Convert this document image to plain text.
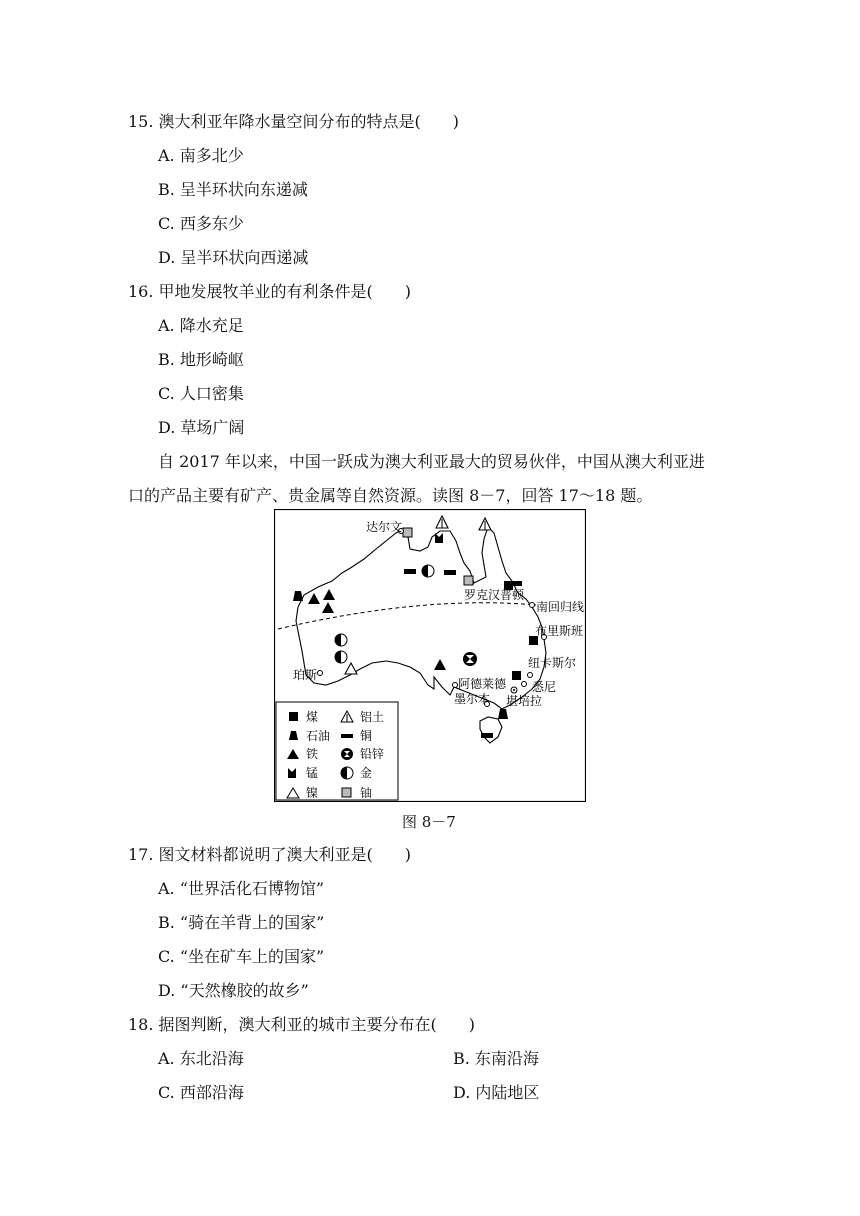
15. 澳大利亚年降水量空间分布的特点是(　　)
A. 南多北少
B. 呈半环状向东递减
C. 西多东少
D. 呈半环状向西递减
16. 甲地发展牧羊业的有利条件是(　　)
A. 降水充足
B. 地形崎岖
C. 人口密集
D. 草场广阔
自 2017 年以来，中国一跃成为澳大利亚最大的贸易伙伴，中国从澳大利亚进
口的产品主要有矿产、贵金属等自然资源。读图 8－7，回答 17～18 题。
达尔文
罗克汉普顿
南回归线
布里斯班
纽卡斯尔
悉尼
堪培拉
阿德莱德
墨尔本
珀斯
煤
石油
铁
锰
镍
铝土
铜
铅锌
金
铀
图 8－7
17. 图文材料都说明了澳大利亚是(　　)
A. “世界活化石博物馆”
B. “骑在羊背上的国家”
C. “坐在矿车上的国家”
D. “天然橡胶的故乡”
18. 据图判断，澳大利亚的城市主要分布在(　　)
A. 东北沿海	B. 东南沿海
C. 西部沿海	D. 内陆地区
